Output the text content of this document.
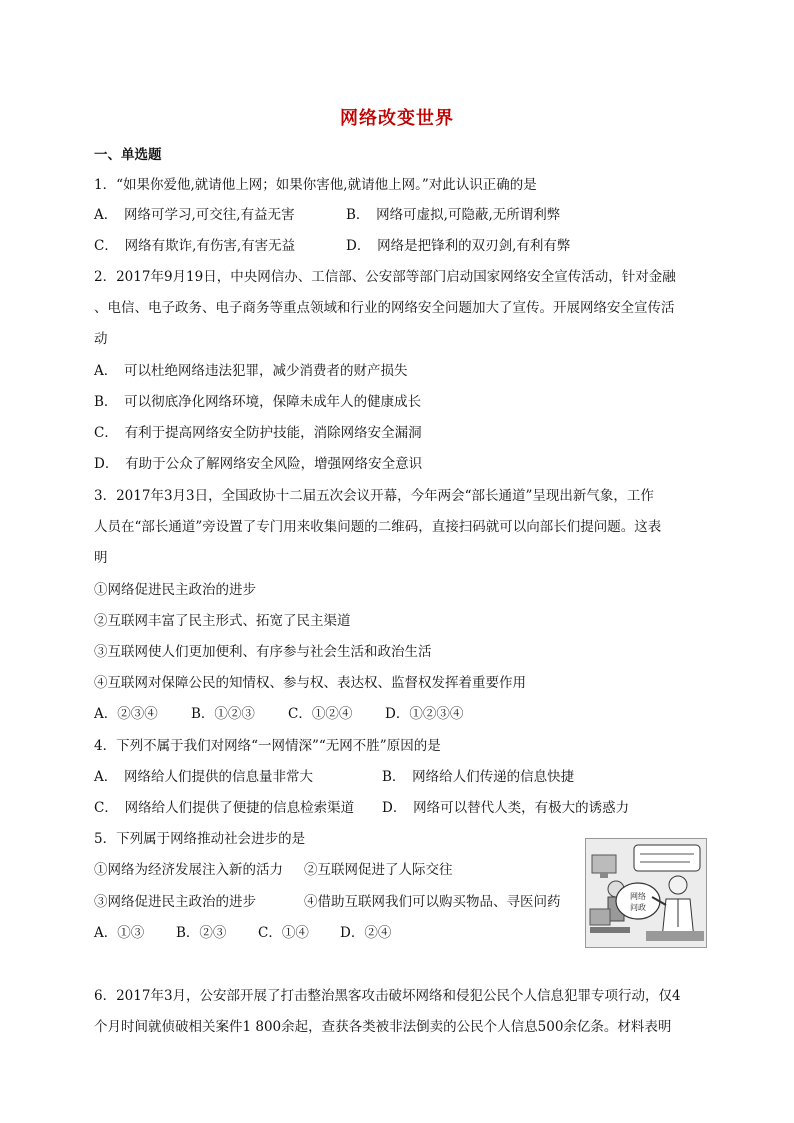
网络改变世界
一、单选题
1．“如果你爱他,就请他上网；如果你害他,就请他上网。”对此认识正确的是
A．　网络可学习,可交往,有益无害	B．　网络可虚拟,可隐蔽,无所谓利弊
C．　网络有欺诈,有伤害,有害无益	D．　网络是把锋利的双刃剑,有利有弊
2．2017年9月19日，中央网信办、工信部、公安部等部门启动国家网络安全宣传活动，针对金融
、电信、电子政务、电子商务等重点领域和行业的网络安全问题加大了宣传。开展网络安全宣传活
动
A．　可以杜绝网络违法犯罪，减少消费者的财产损失
B．　可以彻底净化网络环境，保障未成年人的健康成长
C．　有利于提高网络安全防护技能，消除网络安全漏洞
D．　有助于公众了解网络安全风险，增强网络安全意识
3．2017年3月3日，全国政协十二届五次会议开幕，今年两会“部长通道”呈现出新气象，工作
人员在“部长通道”旁设置了专门用来收集问题的二维码，直接扫码就可以向部长们提问题。这表
明
①网络促进民主政治的进步
②互联网丰富了民主形式、拓宽了民主渠道
③互联网使人们更加便利、有序参与社会生活和政治生活
④互联网对保障公民的知情权、参与权、表达权、监督权发挥着重要作用
A．②③④ B．①②③ C．①②④ D．①②③④
4．下列不属于我们对网络“一网情深”“无网不胜”原因的是
A．　网络给人们提供的信息量非常大	B．　网络给人们传递的信息快捷
C．　网络给人们提供了便捷的信息检索渠道 D．　网络可以替代人类，有极大的诱惑力
5．下列属于网络推动社会进步的是
①网络为经济发展注入新的活力 ②互联网促进了人际交往
③网络促进民主政治的进步	④借助互联网我们可以购买物品、寻医问药
A．①③ B．②③ C．①④ D．②④
网络
问政
6．2017年3月，公安部开展了打击整治黑客攻击破坏网络和侵犯公民个人信息犯罪专项行动，仅4
个月时间就侦破相关案件1 800余起，查获各类被非法倒卖的公民个人信息500余亿条。材料表明
